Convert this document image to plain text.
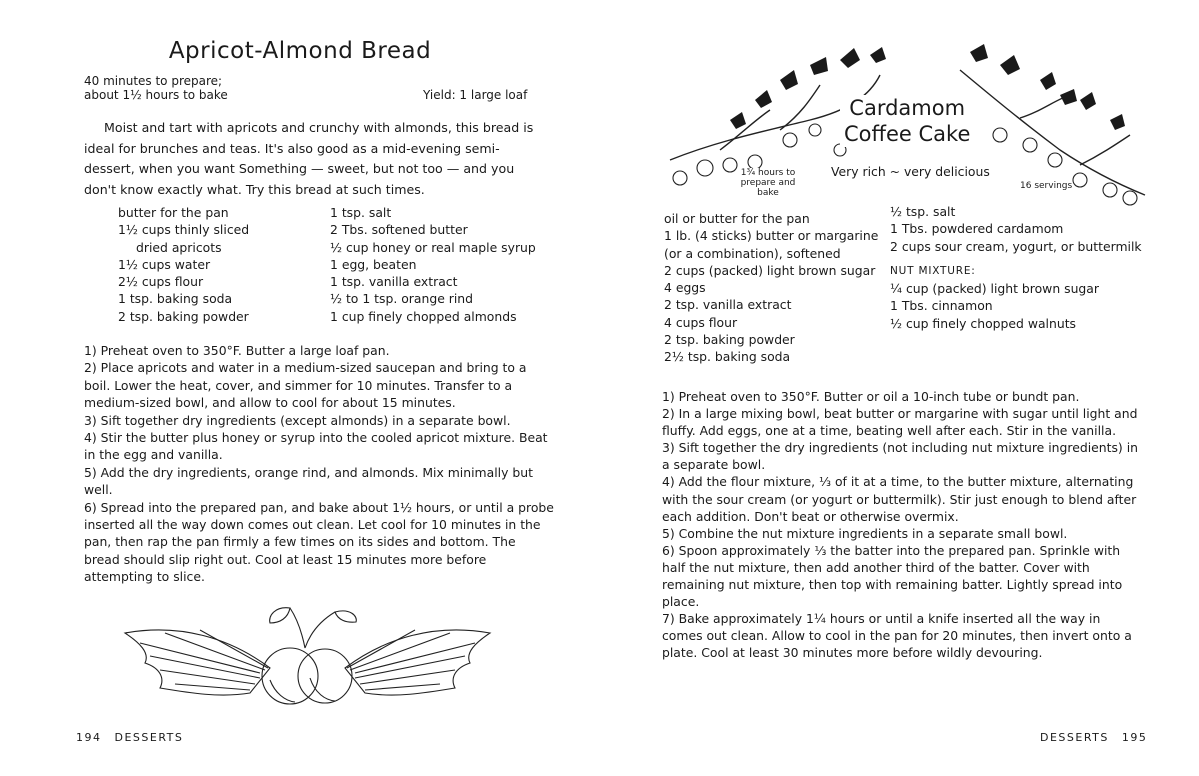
Apricot-Almond Bread
40 minutes to prepare;
about 1½ hours to bake	Yield: 1 large loaf
Moist and tart with apricots and crunchy with almonds, this bread is ideal for brunches and teas. It's also good as a mid-evening semi-dessert, when you want Something — sweet, but not too — and you don't know exactly what. Try this bread at such times.
butter for the pan
1½ cups thinly sliced
dried apricots
1½ cups water
2½ cups flour
1 tsp. baking soda
2 tsp. baking powder
1 tsp. salt
2 Tbs. softened butter
½ cup honey or real maple syrup
1 egg, beaten
1 tsp. vanilla extract
½ to 1 tsp. orange rind
1 cup finely chopped almonds

1) Preheat oven to 350°F. Butter a large loaf pan.

2) Place apricots and water in a medium-sized saucepan and bring to a boil. Lower the heat, cover, and simmer for 10 minutes. Transfer to a medium-sized bowl, and allow to cool for about 15 minutes.

3) Sift together dry ingredients (except almonds) in a separate bowl.

4) Stir the butter plus honey or syrup into the cooled apricot mixture. Beat in the egg and vanilla.

5) Add the dry ingredients, orange rind, and almonds. Mix minimally but well.

6) Spread into the prepared pan, and bake about 1½ hours, or until a probe inserted all the way down comes out clean. Let cool for 10 minutes in the pan, then rap the pan firmly a few times on its sides and bottom. The bread should slip right out. Cool at least 15 minutes more before attempting to slice.

194 DESSERTS
Cardamom
Coffee Cake
Very rich ~ very delicious
1¾ hours to prepare and bake
16 servings
oil or butter for the pan
1 lb. (4 sticks) butter or margarine
(or a combination), softened
2 cups (packed) light brown sugar
4 eggs
2 tsp. vanilla extract
4 cups flour
2 tsp. baking powder
2½ tsp. baking soda
½ tsp. salt
1 Tbs. powdered cardamom
2 cups sour cream, yogurt, or buttermilk
NUT MIXTURE:
¼ cup (packed) light brown sugar
1 Tbs. cinnamon
½ cup finely chopped walnuts

1) Preheat oven to 350°F. Butter or oil a 10-inch tube or bundt pan.

2) In a large mixing bowl, beat butter or margarine with sugar until light and fluffy. Add eggs, one at a time, beating well after each. Stir in the vanilla.

3) Sift together the dry ingredients (not including nut mixture ingredients) in a separate bowl.

4) Add the flour mixture, ⅓ of it at a time, to the butter mixture, alternating with the sour cream (or yogurt or buttermilk). Stir just enough to blend after each addition. Don't beat or otherwise overmix.

5) Combine the nut mixture ingredients in a separate small bowl.

6) Spoon approximately ⅓ the batter into the prepared pan. Sprinkle with half the nut mixture, then add another third of the batter. Cover with remaining nut mixture, then top with remaining batter. Lightly spread into place.

7) Bake approximately 1¼ hours or until a knife inserted all the way in comes out clean. Allow to cool in the pan for 20 minutes, then invert onto a plate. Cool at least 30 minutes more before wildly devouring.

DESSERTS 195
